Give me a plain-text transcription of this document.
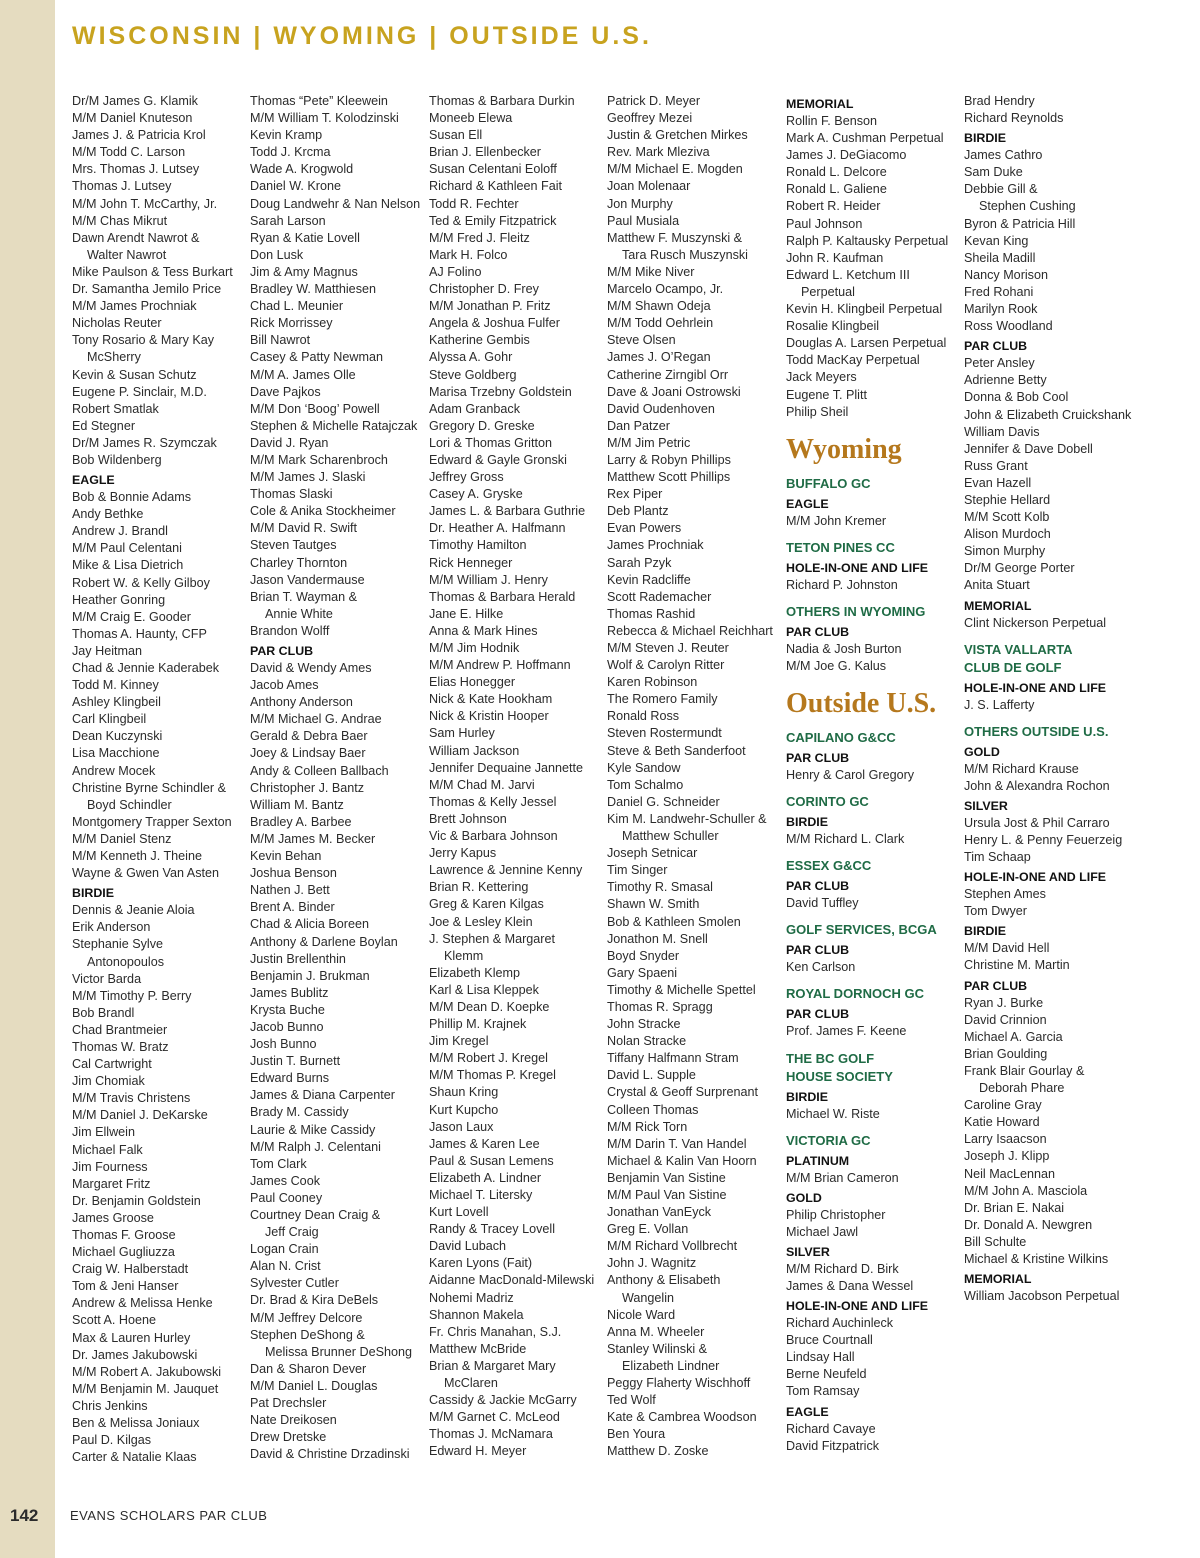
WISCONSIN | WYOMING | OUTSIDE U.S.
Dr/M James G. Klamik
M/M Daniel Knuteson
James J. & Patricia Krol
M/M Todd C. Larson
Mrs. Thomas J. Lutsey
Thomas J. Lutsey
M/M John T. McCarthy, Jr.
M/M Chas Mikrut
Dawn Arendt Nawrot &
Walter Nawrot
Mike Paulson & Tess Burkart
Dr. Samantha Jemilo Price
M/M James Prochniak
Nicholas Reuter
Tony Rosario & Mary Kay
McSherry
Kevin & Susan Schutz
Eugene P. Sinclair, M.D.
Robert Smatlak
Ed Stegner
Dr/M James R. Szymczak
Bob Wildenberg
EAGLE
Bob & Bonnie Adams
Andy Bethke
Andrew J. Brandl
M/M Paul Celentani
Mike & Lisa Dietrich
Robert W. & Kelly Gilboy
Heather Gonring
M/M Craig E. Gooder
Thomas A. Haunty, CFP
Jay Heitman
Chad & Jennie Kaderabek
Todd M. Kinney
Ashley Klingbeil
Carl Klingbeil
Dean Kuczynski
Lisa Macchione
Andrew Mocek
Christine Byrne Schindler &
Boyd Schindler
Montgomery Trapper Sexton
M/M Daniel Stenz
M/M Kenneth J. Theine
Wayne & Gwen Van Asten
BIRDIE
Dennis & Jeanie Aloia
Erik Anderson
Stephanie Sylve
Antonopoulos
Victor Barda
M/M Timothy P. Berry
Bob Brandl
Chad Brantmeier
Thomas W. Bratz
Cal Cartwright
Jim Chomiak
M/M Travis Christens
M/M Daniel J. DeKarske
Jim Ellwein
Michael Falk
Jim Fourness
Margaret Fritz
Dr. Benjamin Goldstein
James Groose
Thomas F. Groose
Michael Gugliuzza
Craig W. Halberstadt
Tom & Jeni Hanser
Andrew & Melissa Henke
Scott A. Hoene
Max & Lauren Hurley
Dr. James Jakubowski
M/M Robert A. Jakubowski
M/M Benjamin M. Jauquet
Chris Jenkins
Ben & Melissa Joniaux
Paul D. Kilgas
Carter & Natalie Klaas
Thomas “Pete” Kleewein
M/M William T. Kolodzinski
Kevin Kramp
Todd J. Krcma
Wade A. Krogwold
Daniel W. Krone
Doug Landwehr & Nan Nelson
Sarah Larson
Ryan & Katie Lovell
Don Lusk
Jim & Amy Magnus
Bradley W. Matthiesen
Chad L. Meunier
Rick Morrissey
Bill Nawrot
Casey & Patty Newman
M/M A. James Olle
Dave Pajkos
M/M Don ‘Boog’ Powell
Stephen & Michelle Ratajczak
David J. Ryan
M/M Mark Scharenbroch
M/M James J. Slaski
Thomas Slaski
Cole & Anika Stockheimer
M/M David R. Swift
Steven Tautges
Charley Thornton
Jason Vandermause
Brian T. Wayman &
Annie White
Brandon Wolff
PAR CLUB
David & Wendy Ames
Jacob Ames
Anthony Anderson
M/M Michael G. Andrae
Gerald & Debra Baer
Joey & Lindsay Baer
Andy & Colleen Ballbach
Christopher J. Bantz
William M. Bantz
Bradley A. Barbee
M/M James M. Becker
Kevin Behan
Joshua Benson
Nathen J. Bett
Brent A. Binder
Chad & Alicia Boreen
Anthony & Darlene Boylan
Justin Brellenthin
Benjamin J. Brukman
James Bublitz
Krysta Buche
Jacob Bunno
Josh Bunno
Justin T. Burnett
Edward Burns
James & Diana Carpenter
Brady M. Cassidy
Laurie & Mike Cassidy
M/M Ralph J. Celentani
Tom Clark
James Cook
Paul Cooney
Courtney Dean Craig &
Jeff Craig
Logan Crain
Alan N. Crist
Sylvester Cutler
Dr. Brad & Kira DeBels
M/M Jeffrey Delcore
Stephen DeShong &
Melissa Brunner DeShong
Dan & Sharon Dever
M/M Daniel L. Douglas
Pat Drechsler
Nate Dreikosen
Drew Dretske
David & Christine Drzadinski
Thomas & Barbara Durkin
Moneeb Elewa
Susan Ell
Brian J. Ellenbecker
Susan Celentani Eoloff
Richard & Kathleen Fait
Todd R. Fechter
Ted & Emily Fitzpatrick
M/M Fred J. Fleitz
Mark H. Folco
AJ Folino
Christopher D. Frey
M/M Jonathan P. Fritz
Angela & Joshua Fulfer
Katherine Gembis
Alyssa A. Gohr
Steve Goldberg
Marisa Trzebny Goldstein
Adam Granback
Gregory D. Greske
Lori & Thomas Gritton
Edward & Gayle Gronski
Jeffrey Gross
Casey A. Gryske
James L. & Barbara Guthrie
Dr. Heather A. Halfmann
Timothy Hamilton
Rick Henneger
M/M William J. Henry
Thomas & Barbara Herald
Jane E. Hilke
Anna & Mark Hines
M/M Jim Hodnik
M/M Andrew P. Hoffmann
Elias Honegger
Nick & Kate Hookham
Nick & Kristin Hooper
Sam Hurley
William Jackson
Jennifer Dequaine Jannette
M/M Chad M. Jarvi
Thomas & Kelly Jessel
Brett Johnson
Vic & Barbara Johnson
Jerry Kapus
Lawrence & Jennine Kenny
Brian R. Kettering
Greg & Karen Kilgas
Joe & Lesley Klein
J. Stephen & Margaret
Klemm
Elizabeth Klemp
Karl & Lisa Kleppek
M/M Dean D. Koepke
Phillip M. Krajnek
Jim Kregel
M/M Robert J. Kregel
M/M Thomas P. Kregel
Shaun Kring
Kurt Kupcho
Jason Laux
James & Karen Lee
Paul & Susan Lemens
Elizabeth A. Lindner
Michael T. Litersky
Kurt Lovell
Randy & Tracey Lovell
David Lubach
Karen Lyons (Fait)
Aidanne MacDonald-Milewski
Nohemi Madriz
Shannon Makela
Fr. Chris Manahan, S.J.
Matthew McBride
Brian & Margaret Mary
McClaren
Cassidy & Jackie McGarry
M/M Garnet C. McLeod
Thomas J. McNamara
Edward H. Meyer
Patrick D. Meyer
Geoffrey Mezei
Justin & Gretchen Mirkes
Rev. Mark Mleziva
M/M Michael E. Mogden
Joan Molenaar
Jon Murphy
Paul Musiala
Matthew F. Muszynski &
Tara Rusch Muszynski
M/M Mike Niver
Marcelo Ocampo, Jr.
M/M Shawn Odeja
M/M Todd Oehrlein
Steve Olsen
James J. O’Regan
Catherine Zirngibl Orr
Dave & Joani Ostrowski
David Oudenhoven
Dan Patzer
M/M Jim Petric
Larry & Robyn Phillips
Matthew Scott Phillips
Rex Piper
Deb Plantz
Evan Powers
James Prochniak
Sarah Pzyk
Kevin Radcliffe
Scott Rademacher
Thomas Rashid
Rebecca & Michael Reichhart
M/M Steven J. Reuter
Wolf & Carolyn Ritter
Karen Robinson
The Romero Family
Ronald Ross
Steven Rostermundt
Steve & Beth Sanderfoot
Kyle Sandow
Tom Schalmo
Daniel G. Schneider
Kim M. Landwehr-Schuller &
Matthew Schuller
Joseph Setnicar
Tim Singer
Timothy R. Smasal
Shawn W. Smith
Bob & Kathleen Smolen
Jonathon M. Snell
Boyd Snyder
Gary Spaeni
Timothy & Michelle Spettel
Thomas R. Spragg
John Stracke
Nolan Stracke
Tiffany Halfmann Stram
David L. Supple
Crystal & Geoff Surprenant
Colleen Thomas
M/M Rick Torn
M/M Darin T. Van Handel
Michael & Kalin Van Hoorn
Benjamin Van Sistine
M/M Paul Van Sistine
Jonathan VanEyck
Greg E. Vollan
M/M Richard Vollbrecht
John J. Wagnitz
Anthony & Elisabeth
Wangelin
Nicole Ward
Anna M. Wheeler
Stanley Wilinski &
Elizabeth Lindner
Peggy Flaherty Wischhoff
Ted Wolf
Kate & Cambrea Woodson
Ben Youra
Matthew D. Zoske
MEMORIAL
Rollin F. Benson
Mark A. Cushman Perpetual
James J. DeGiacomo
Ronald L. Delcore
Ronald L. Galiene
Robert R. Heider
Paul Johnson
Ralph P. Kaltausky Perpetual
John R. Kaufman
Edward L. Ketchum III
Perpetual
Kevin H. Klingbeil Perpetual
Rosalie Klingbeil
Douglas A. Larsen Perpetual
Todd MacKay Perpetual
Jack Meyers
Eugene T. Plitt
Philip Sheil
Wyoming
BUFFALO GC
EAGLE
M/M John Kremer
TETON PINES CC
HOLE-IN-ONE AND LIFE
Richard P. Johnston
OTHERS IN WYOMING
PAR CLUB
Nadia & Josh Burton
M/M Joe G. Kalus
Outside U.S.
CAPILANO G&CC
PAR CLUB
Henry & Carol Gregory
CORINTO GC
BIRDIE
M/M Richard L. Clark
ESSEX G&CC
PAR CLUB
David Tuffley
GOLF SERVICES, BCGA
PAR CLUB
Ken Carlson
ROYAL DORNOCH GC
PAR CLUB
Prof. James F. Keene
THE BC GOLF
HOUSE SOCIETY
BIRDIE
Michael W. Riste
VICTORIA GC
PLATINUM
M/M Brian Cameron
GOLD
Philip Christopher
Michael Jawl
SILVER
M/M Richard D. Birk
James & Dana Wessel
HOLE-IN-ONE AND LIFE
Richard Auchinleck
Bruce Courtnall
Lindsay Hall
Berne Neufeld
Tom Ramsay
EAGLE
Richard Cavaye
David Fitzpatrick
Brad Hendry
Richard Reynolds
BIRDIE
James Cathro
Sam Duke
Debbie Gill &
Stephen Cushing
Byron & Patricia Hill
Kevan King
Sheila Madill
Nancy Morison
Fred Rohani
Marilyn Rook
Ross Woodland
PAR CLUB
Peter Ansley
Adrienne Betty
Donna & Bob Cool
John & Elizabeth Cruickshank
William Davis
Jennifer & Dave Dobell
Russ Grant
Evan Hazell
Stephie Hellard
M/M Scott Kolb
Alison Murdoch
Simon Murphy
Dr/M George Porter
Anita Stuart
MEMORIAL
Clint Nickerson Perpetual
VISTA VALLARTA
CLUB DE GOLF
HOLE-IN-ONE AND LIFE
J. S. Lafferty
OTHERS OUTSIDE U.S.
GOLD
M/M Richard Krause
John & Alexandra Rochon
SILVER
Ursula Jost & Phil Carraro
Henry L. & Penny Feuerzeig
Tim Schaap
HOLE-IN-ONE AND LIFE
Stephen Ames
Tom Dwyer
BIRDIE
M/M David Hell
Christine M. Martin
PAR CLUB
Ryan J. Burke
David Crinnion
Michael A. Garcia
Brian Goulding
Frank Blair Gourlay &
Deborah Phare
Caroline Gray
Katie Howard
Larry Isaacson
Joseph J. Klipp
Neil MacLennan
M/M John A. Masciola
Dr. Brian E. Nakai
Dr. Donald A. Newgren
Bill Schulte
Michael & Kristine Wilkins
MEMORIAL
William Jacobson Perpetual
142 EVANS SCHOLARS PAR CLUB
